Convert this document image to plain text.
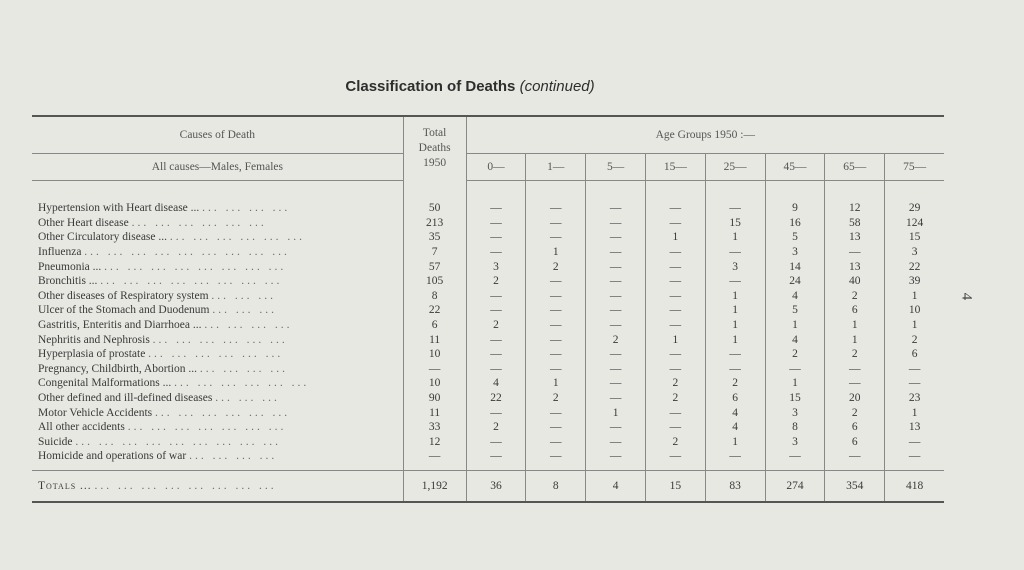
Classification of Deaths (continued)
4
Causes of Death	Total
Deaths
1950	Age Groups 1950 :—							
All causes—Males, Females		0—	1—	5—	15—	25—	45—	65—	75—

Hypertension with Heart disease ... ... ... ... ...	50	—	—	—	—	—	9	12	29
Other Heart disease ... ... ... ... ... ...	213	—	—	—	—	15	16	58	124
Other Circulatory disease ... ... ... ... ... ... ...	35	—	—	—	1	1	5	13	15
Influenza ... ... ... ... ... ... ... ... ...	7	—	1	—	—	—	3	—	3
Pneumonia ... ... ... ... ... ... ... ... ...	57	3	2	—	—	3	14	13	22
Bronchitis ... ... ... ... ... ... ... ... ...	105	2	—	—	—	—	24	40	39
Other diseases of Respiratory system ... ... ...	8	—	—	—	—	1	4	2	1
Ulcer of the Stomach and Duodenum ... ... ...	22	—	—	—	—	1	5	6	10
Gastritis, Enteritis and Diarrhoea ... ... ... ... ...	6	2	—	—	—	1	1	1	1
Nephritis and Nephrosis ... ... ... ... ... ...	11	—	—	2	1	1	4	1	2
Hyperplasia of prostate ... ... ... ... ... ...	10	—	—	—	—	—	2	2	6
Pregnancy, Childbirth, Abortion ... ... ... ... ...	—	—	—	—	—	—	—	—	—
Congenital Malformations ... ... ... ... ... ... ...	10	4	1	—	2	2	1	—	—
Other defined and ill-defined diseases ... ... ...	90	22	2	—	2	6	15	20	23
Motor Vehicle Accidents ... ... ... ... ... ...	11	—	—	1	—	4	3	2	1
All other accidents ... ... ... ... ... ... ...	33	2	—	—	—	4	8	6	13
Suicide ... ... ... ... ... ... ... ... ...	12	—	—	—	2	1	3	6	—
Homicide and operations of war ... ... ... ...	—	—	—	—	—	—	—	—	—

Totals ... ... ... ... ... ... ... ... ...	1,192	36	8	4	15	83	274	354	418
